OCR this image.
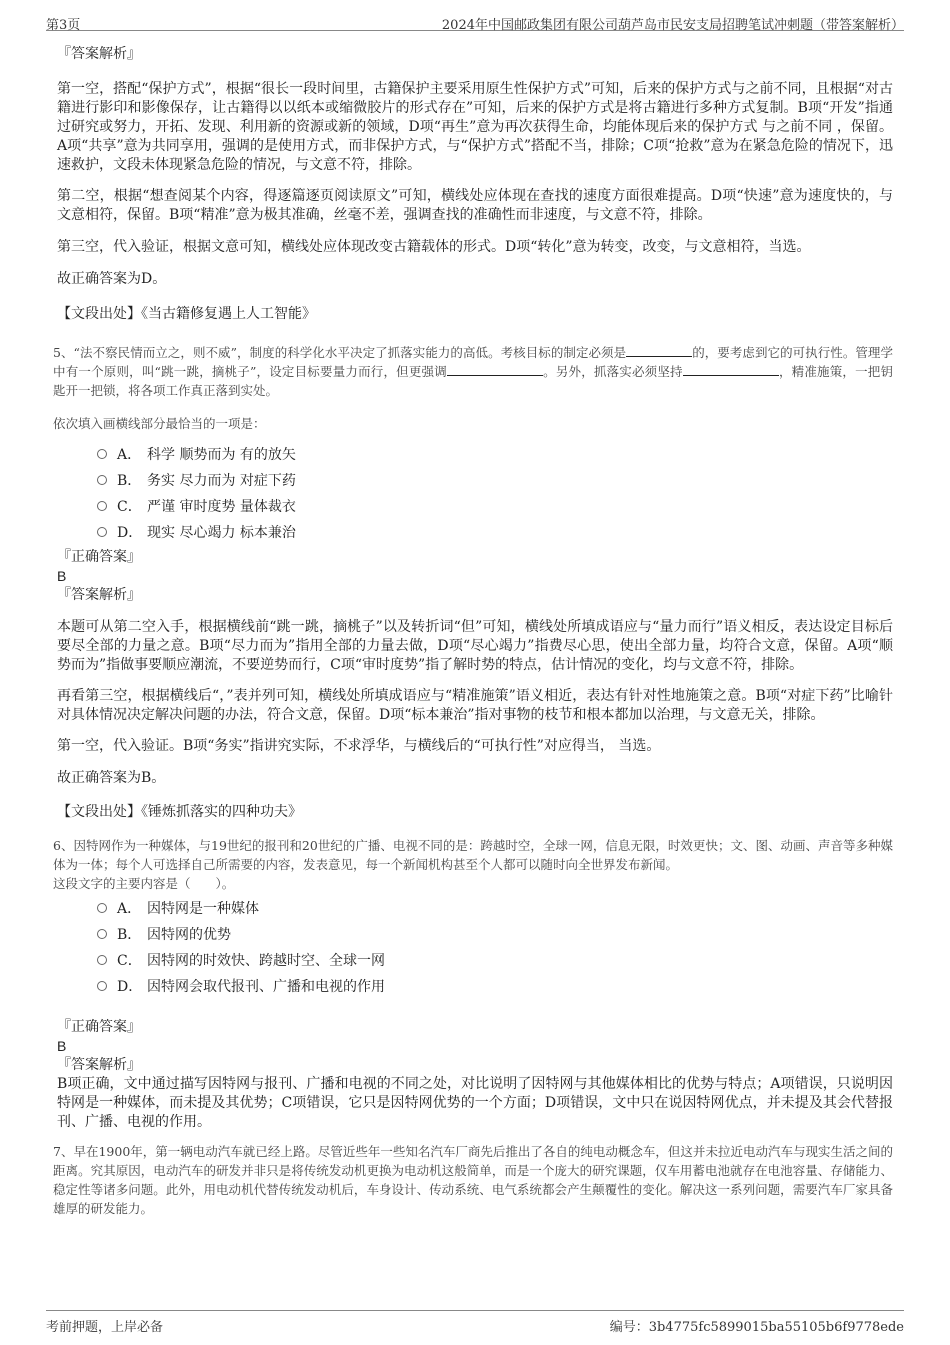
第3页	2024年中国邮政集团有限公司葫芦岛市民安支局招聘笔试冲刺题（带答案解析）

『答案解析』

第一空，搭配“保护方式”，根据“很长一段时间里，古籍保护主要采用原生性保护方式”可知，后来的保护方式与之前不同，且根据“对古籍进行影印和影像保存，让古籍得以以纸本或缩微胶片的形式存在”可知，后来的保护方式是将古籍进行多种方式复制。B项“开发”指通过研究或努力，开拓、发现、利用新的资源或新的领域，D项“再生”意为再次获得生命，均能体现后来的保护方式 与之前不同 ，保留。A项“共享”意为共同享用，强调的是使用方式，而非保护方式，与“保护方式”搭配不当，排除；C项“抢救”意为在紧急危险的情况下，迅速救护，文段未体现紧急危险的情况，与文意不符，排除。

第二空，根据“想查阅某个内容，得逐篇逐页阅读原文”可知，横线处应体现在查找的速度方面很难提高。D项“快速”意为速度快的，与文意相符，保留。B项“精准”意为极其准确，丝毫不差，强调查找的准确性而非速度，与文意不符，排除。

第三空，代入验证，根据文意可知，横线处应体现改变古籍载体的形式。D项“转化”意为转变，改变，与文意相符，当选。

故正确答案为D。

【文段出处】《当古籍修复遇上人工智能》

5、“法不察民情而立之，则不威”，制度的科学化水平决定了抓落实能力的高低。考核目标的制定必须是	的，要考虑到它的可执行性。管理学中有一个原则，叫“跳一跳，摘桃子”，设定目标要量力而行，但更强调	。另外，抓落实必须坚持	，精准施策，一把钥匙开一把锁，将各项工作真正落到实处。

依次填入画横线部分最恰当的一项是：

A． 科学 顺势而为 有的放矢
B． 务实 尽力而为 对症下药
C． 严谨 审时度势 量体裁衣
D． 现实 尽心竭力 标本兼治

『正确答案』

B

『答案解析』

本题可从第二空入手，根据横线前“跳一跳，摘桃子”以及转折词“但”可知，横线处所填成语应与“量力而行”语义相反，表达设定目标后要尽全部的力量之意。B项“尽力而为”指用全部的力量去做，D项“尽心竭力”指费尽心思，使出全部力量，均符合文意，保留。A项“顺势而为”指做事要顺应潮流，不要逆势而行，C项“审时度势”指了解时势的特点，估计情况的变化，均与文意不符，排除。

再看第三空，根据横线后“，”表并列可知，横线处所填成语应与“精准施策”语义相近，表达有针对性地施策之意。B项“对症下药”比喻针对具体情况决定解决问题的办法，符合文意，保留。D项“标本兼治”指对事物的枝节和根本都加以治理，与文意无关，排除。

第一空，代入验证。B项“务实”指讲究实际，不求浮华，与横线后的“可执行性”对应得当， 当选。

故正确答案为B。

【文段出处】《锤炼抓落实的四种功夫》

6、因特网作为一种媒体，与19世纪的报刊和20世纪的广播、电视不同的是：跨越时空，全球一网，信息无限，时效更快；文、图、动画、声音等多种媒体为一体；每个人可选择自己所需要的内容，发表意见，每一个新闻机构甚至个人都可以随时向全世界发布新闻。

这段文字的主要内容是（　　）。

A． 因特网是一种媒体
B． 因特网的优势
C． 因特网的时效快、跨越时空、全球一网
D． 因特网会取代报刊、广播和电视的作用

『正确答案』

B

『答案解析』

B项正确，文中通过描写因特网与报刊、广播和电视的不同之处，对比说明了因特网与其他媒体相比的优势与特点；A项错误，只说明因特网是一种媒体，而未提及其优势；C项错误，它只是因特网优势的一个方面；D项错误，文中只在说因特网优点，并未提及其会代替报刊、广播、电视的作用。

7、早在1900年，第一辆电动汽车就已经上路。尽管近些年一些知名汽车厂商先后推出了各自的纯电动概念车，但这并未拉近电动汽车与现实生活之间的距离。究其原因，电动汽车的研发并非只是将传统发动机更换为电动机这般简单，而是一个庞大的研究课题，仅车用蓄电池就存在电池容量、存储能力、稳定性等诸多问题。此外，用电动机代替传统发动机后，车身设计、传动系统、电气系统都会产生颠覆性的变化。解决这一系列问题，需要汽车厂家具备雄厚的研发能力。

考前押题，上岸必备	编号：3b4775fc5899015ba55105b6f9778ede
